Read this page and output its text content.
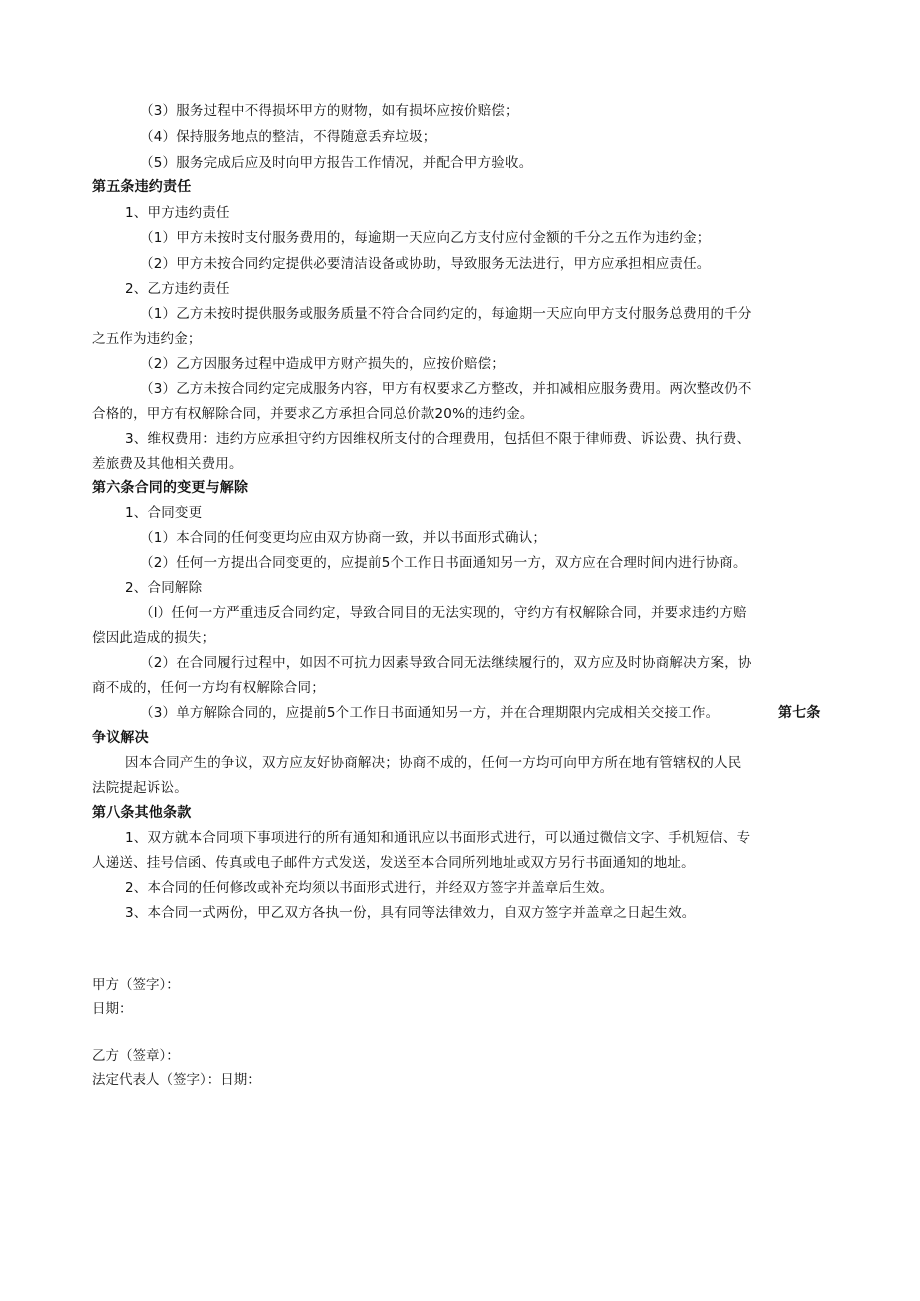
（3）服务过程中不得损坏甲方的财物，如有损坏应按价赔偿；
（4）保持服务地点的整洁，不得随意丢弃垃圾；
（5）服务完成后应及时向甲方报告工作情况，并配合甲方验收。
第五条违约责任
1、甲方违约责任
（1）甲方未按时支付服务费用的，每逾期一天应向乙方支付应付金额的千分之五作为违约金；
（2）甲方未按合同约定提供必要清洁设备或协助，导致服务无法进行，甲方应承担相应责任。
2、乙方违约责任
（1）乙方未按时提供服务或服务质量不符合合同约定的，每逾期一天应向甲方支付服务总费用的千分
之五作为违约金；
（2）乙方因服务过程中造成甲方财产损失的，应按价赔偿；
（3）乙方未按合同约定完成服务内容，甲方有权要求乙方整改，并扣减相应服务费用。两次整改仍不
合格的，甲方有权解除合同，并要求乙方承担合同总价款20%的违约金。
3、维权费用：违约方应承担守约方因维权所支付的合理费用，包括但不限于律师费、诉讼费、执行费、
差旅费及其他相关费用。
第六条合同的变更与解除
1、合同变更
（1）本合同的任何变更均应由双方协商一致，并以书面形式确认；
（2）任何一方提出合同变更的，应提前5个工作日书面通知另一方，双方应在合理时间内进行协商。
2、合同解除
（l）任何一方严重违反合同约定，导致合同目的无法实现的，守约方有权解除合同，并要求违约方赔
偿因此造成的损失；
（2）在合同履行过程中，如因不可抗力因素导致合同无法继续履行的，双方应及时协商解决方案，协
商不成的，任何一方均有权解除合同；
（3）单方解除合同的，应提前5个工作日书面通知另一方，并在合理期限内完成相关交接工作。	第七条
争议解决
因本合同产生的争议，双方应友好协商解决；协商不成的，任何一方均可向甲方所在地有管辖权的人民
法院提起诉讼。
第八条其他条款
1、双方就本合同项下事项进行的所有通知和通讯应以书面形式进行，可以通过微信文字、手机短信、专
人递送、挂号信函、传真或电子邮件方式发送，发送至本合同所列地址或双方另行书面通知的地址。
2、本合同的任何修改或补充均须以书面形式进行，并经双方签字并盖章后生效。
3、本合同一式两份，甲乙双方各执一份，具有同等法律效力，自双方签字并盖章之日起生效。
甲方（签字）：
日期：
乙方（签章）：
法定代表人（签字）：日期：
